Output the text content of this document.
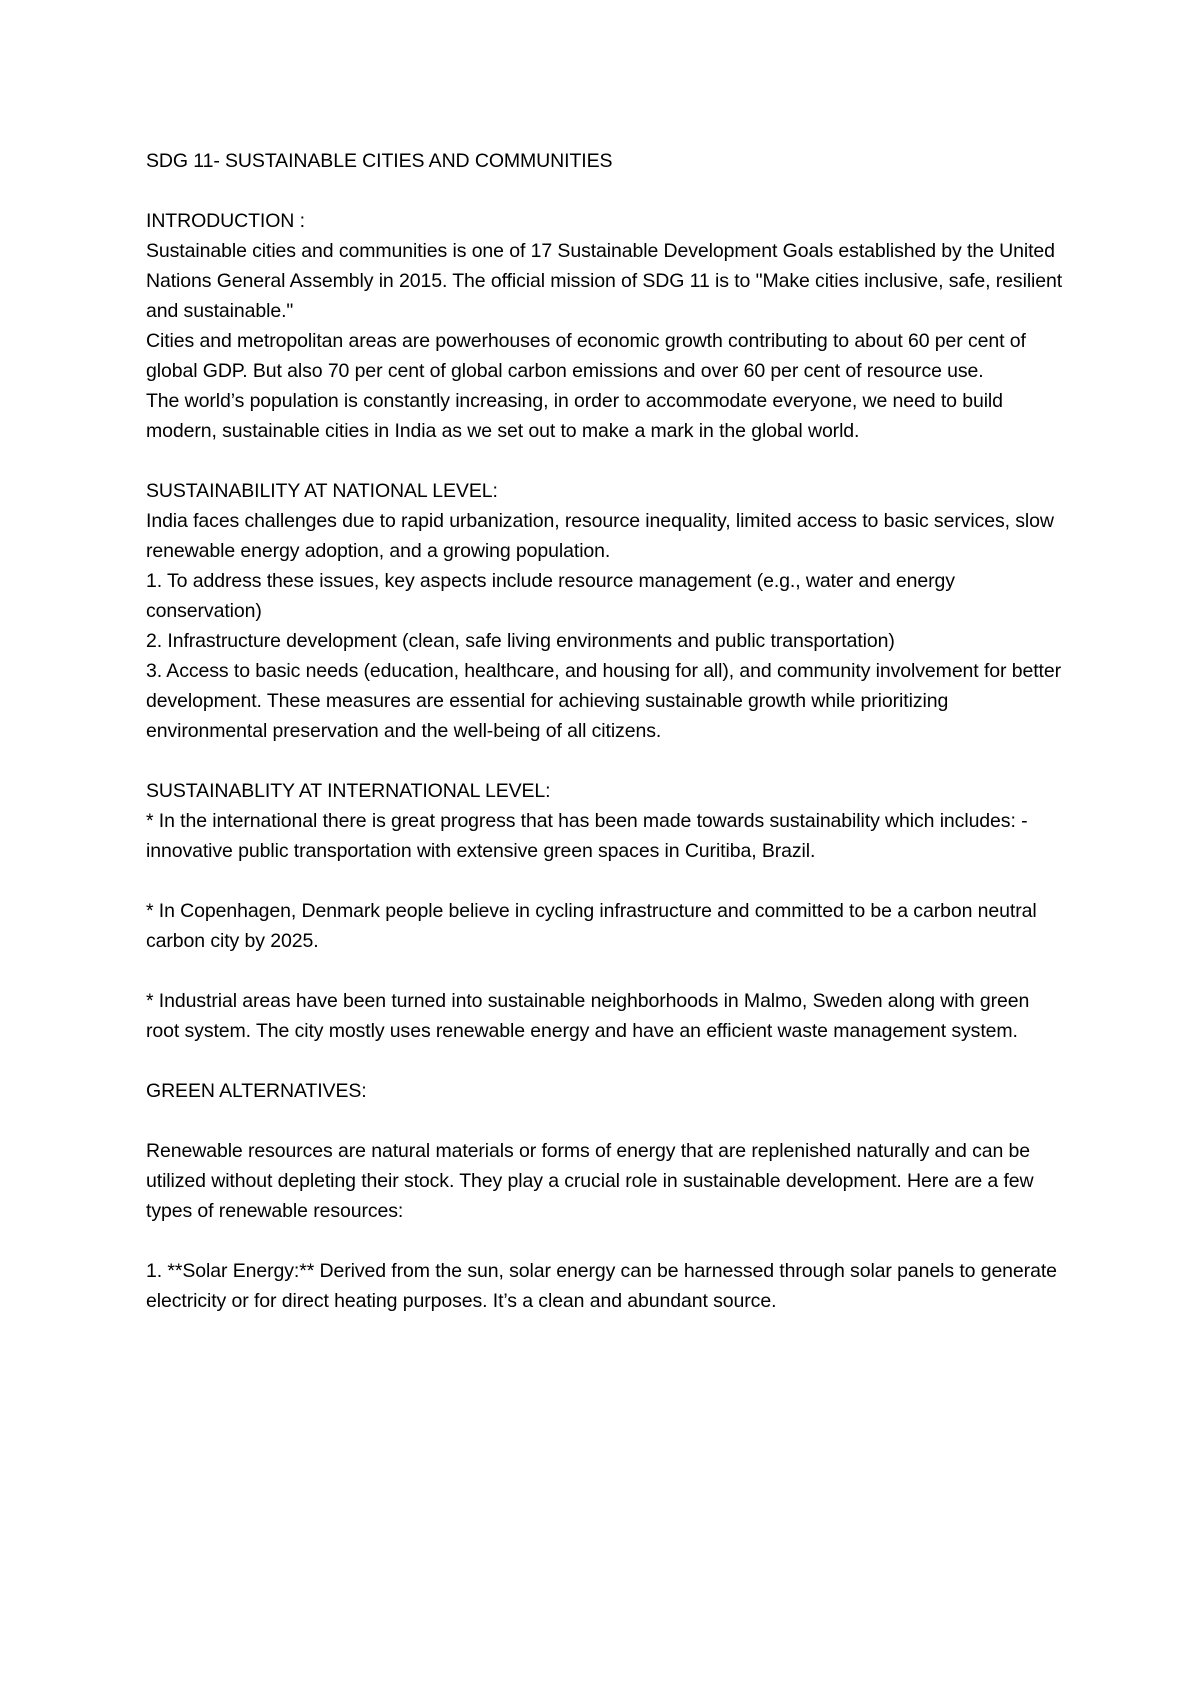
SDG 11- SUSTAINABLE CITIES AND COMMUNITIES
INTRODUCTION :

Sustainable cities and communities is one of 17 Sustainable Development Goals established by the United Nations General Assembly in 2015. The official mission of SDG 11 is to "Make cities inclusive, safe, resilient and sustainable."

Cities and metropolitan areas are powerhouses of economic growth contributing to about 60 per cent of global GDP. But also 70 per cent of global carbon emissions and over 60 per cent of resource use.

The world’s population is constantly increasing, in order to accommodate everyone, we need to build modern, sustainable cities in India as we set out to make a mark in the global world.

SUSTAINABILITY AT NATIONAL LEVEL:

India faces challenges due to rapid urbanization, resource inequality, limited access to basic services, slow renewable energy adoption, and a growing population.

1. To address these issues, key aspects include resource management (e.g., water and energy conservation)

2. Infrastructure development (clean, safe living environments and public transportation)

3. Access to basic needs (education, healthcare, and housing for all), and community involvement for better development. These measures are essential for achieving sustainable growth while prioritizing environmental preservation and the well-being of all citizens.

SUSTAINABLITY AT INTERNATIONAL LEVEL:

* In the international there is great progress that has been made towards sustainability which includes: - innovative public transportation with extensive green spaces in Curitiba, Brazil.

* In Copenhagen, Denmark people believe in cycling infrastructure and committed to be a carbon neutral carbon city by 2025.

* Industrial areas have been turned into sustainable neighborhoods in Malmo, Sweden along with green root system. The city mostly uses renewable energy and have an efficient waste management system.

GREEN ALTERNATIVES:

Renewable resources are natural materials or forms of energy that are replenished naturally and can be utilized without depleting their stock. They play a crucial role in sustainable development. Here are a few types of renewable resources:

1. **Solar Energy:** Derived from the sun, solar energy can be harnessed through solar panels to generate electricity or for direct heating purposes. It’s a clean and abundant source.
